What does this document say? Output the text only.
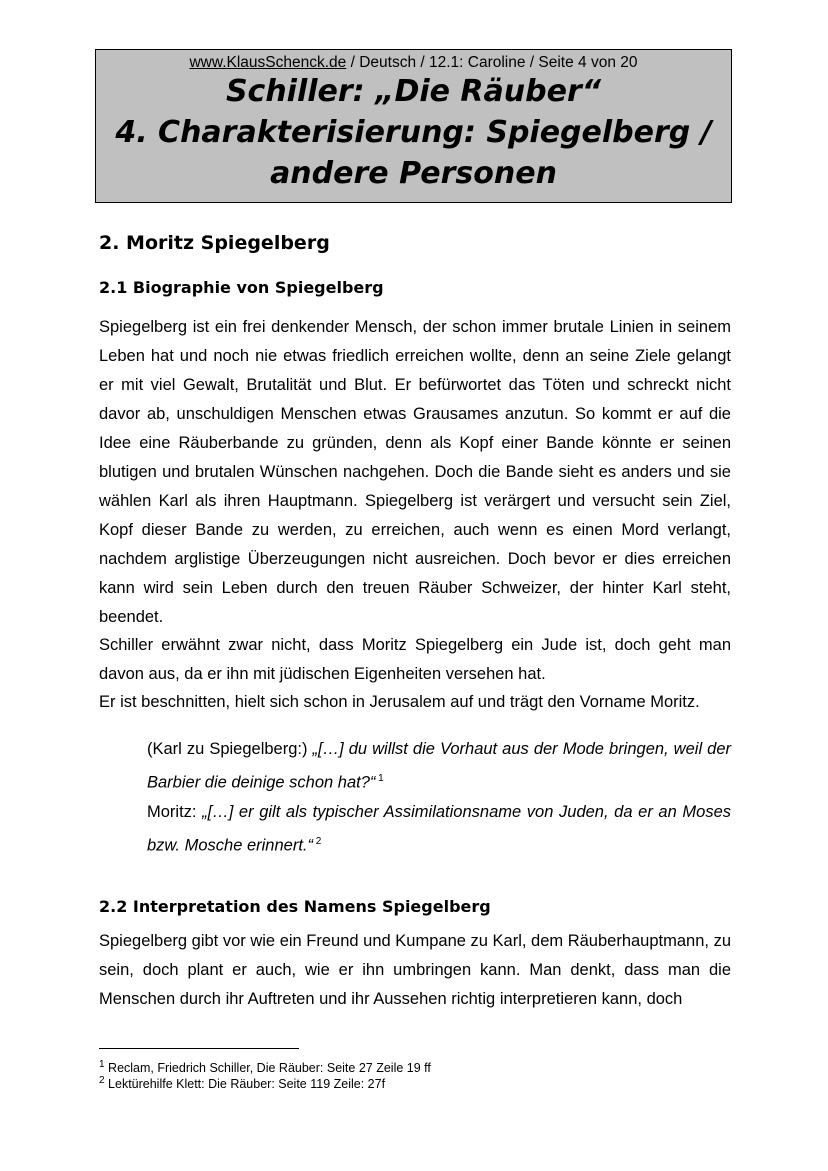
www.KlausSchenck.de / Deutsch / 12.1: Caroline / Seite 4 von 20
Schiller: „Die Räuber“
4. Charakterisierung: Spiegelberg /
andere Personen
2. Moritz Spiegelberg
2.1 Biographie von Spiegelberg
Spiegelberg ist ein frei denkender Mensch, der schon immer brutale Linien in seinem Leben hat und noch nie etwas friedlich erreichen wollte, denn an seine Ziele gelangt er mit viel Gewalt, Brutalität und Blut. Er befürwortet das Töten und schreckt nicht davor ab, unschuldigen Menschen etwas Grausames anzutun. So kommt er auf die Idee eine Räuberbande zu gründen, denn als Kopf einer Bande könnte er seinen blutigen und brutalen Wünschen nachgehen. Doch die Bande sieht es anders und sie wählen Karl als ihren Hauptmann. Spiegelberg ist verärgert und versucht sein Ziel, Kopf dieser Bande zu werden, zu erreichen, auch wenn es einen Mord verlangt, nachdem arglistige Überzeugungen nicht ausreichen. Doch bevor er dies erreichen kann wird sein Leben durch den treuen Räuber Schweizer, der hinter Karl steht, beendet.
Schiller erwähnt zwar nicht, dass Moritz Spiegelberg ein Jude ist, doch geht man davon aus, da er ihn mit jüdischen Eigenheiten versehen hat.
Er ist beschnitten, hielt sich schon in Jerusalem auf und trägt den Vorname Moritz.
(Karl zu Spiegelberg:) „[…] du willst die Vorhaut aus der Mode bringen, weil der Barbier die deinige schon hat?“ $^1$
Moritz: „[…] er gilt als typischer Assimilationsname von Juden, da er an Moses bzw. Mosche erinnert.“ $^2$
2.2 Interpretation des Namens Spiegelberg
Spiegelberg gibt vor wie ein Freund und Kumpane zu Karl, dem Räuberhauptmann, zu sein, doch plant er auch, wie er ihn umbringen kann. Man denkt, dass man die Menschen durch ihr Auftreten und ihr Aussehen richtig interpretieren kann, doch
$^1$ Reclam, Friedrich Schiller, Die Räuber: Seite 27 Zeile 19 ff
$^2$ Lektürehilfe Klett: Die Räuber: Seite 119 Zeile: 27f
